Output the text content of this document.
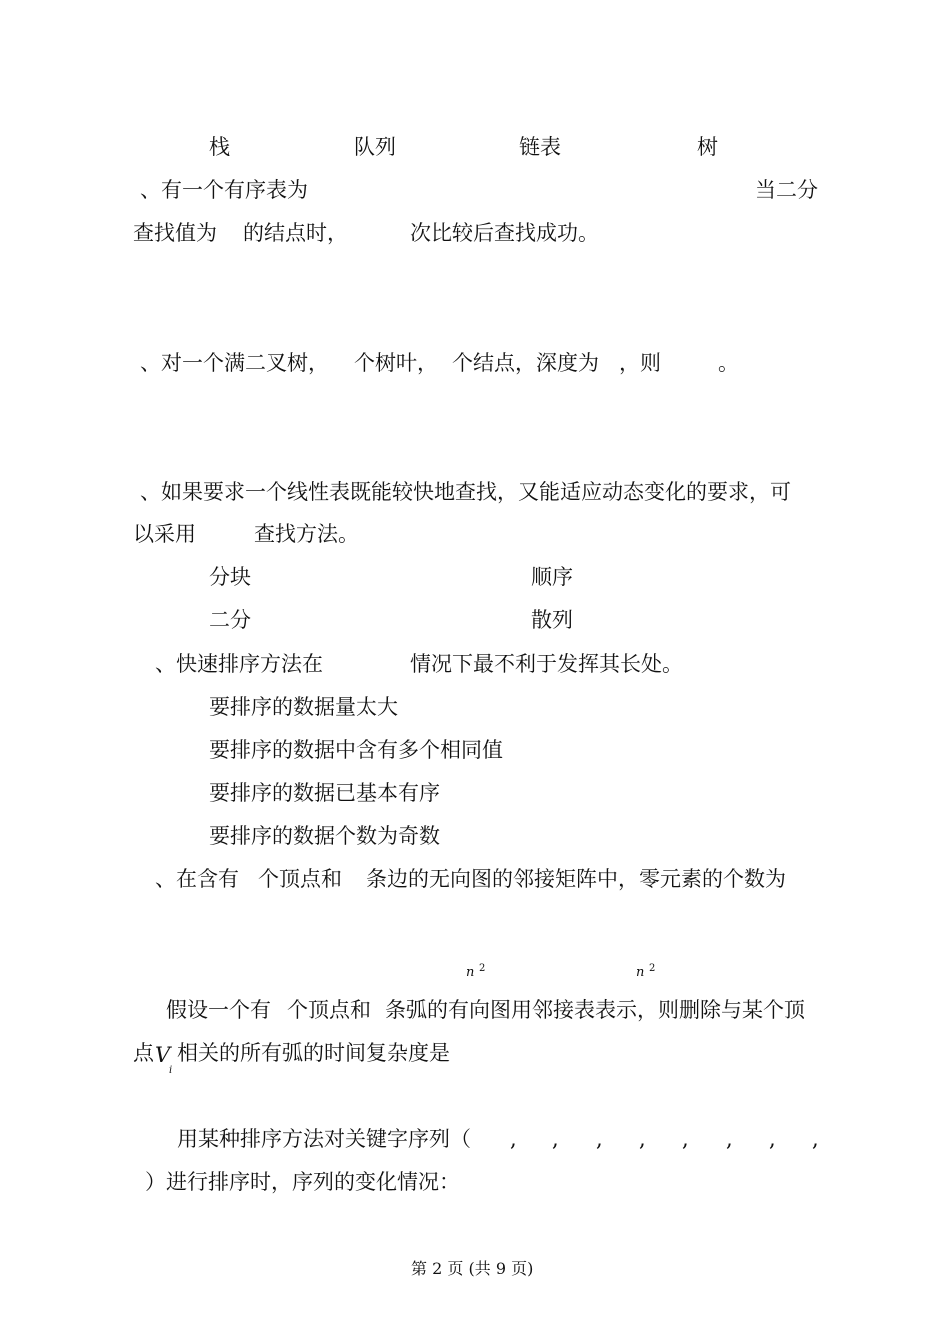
栈	队列	链表	树
、有一个有序表为	当二分
查找值为 的结点时，	次比较后查找成功。
、对一个满二叉树， 个树叶， 个结点，深度为 ，则	。
、如果要求一个线性表既能较快地查找，又能适应动态变化的要求，可
以采用	查找方法。
分块	顺序
二分	散列
、快速排序方法在	情况下最不利于发挥其长处。
要排序的数据量太大
要排序的数据中含有多个相同值
要排序的数据已基本有序
要排序的数据个数为奇数
、在含有 个顶点和 条边的无向图的邻接矩阵中，零元素的个数为
n 2	n 2
假设一个有 个顶点和 条弧的有向图用邻接表表示，则删除与某个顶
点 V
i
相关的所有弧的时间复杂度是
用某种排序方法对关键字序列（ , , , , , , , ,
）进行排序时，序列的变化情况：
第 2 页 (共 9 页)
